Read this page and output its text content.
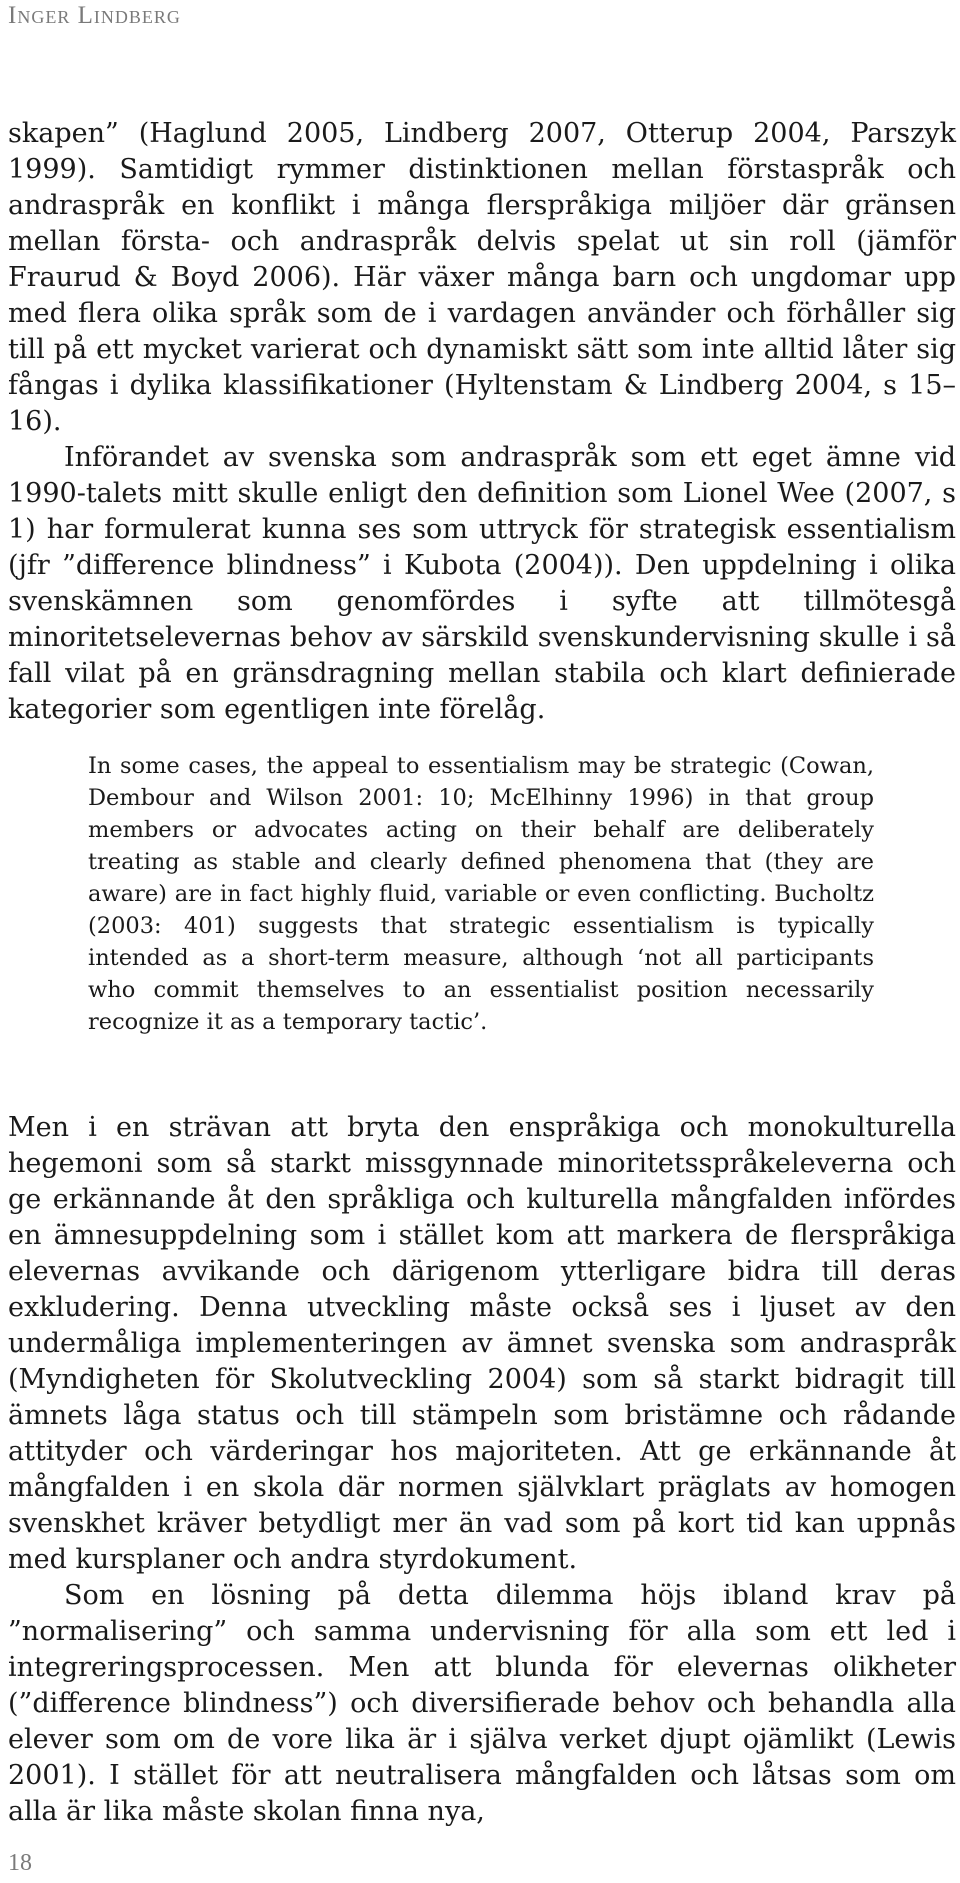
Inger Lindberg

skapen” (Haglund 2005, Lindberg 2007, Otterup 2004, Parszyk 1999). Samtidigt rymmer distinktionen mellan förstaspråk och andraspråk en konflikt i många flerspråkiga miljöer där gränsen mellan första- och andraspråk delvis spelat ut sin roll (jämför Fraurud & Boyd 2006). Här växer många barn och ungdomar upp med flera olika språk som de i vardagen använder och förhåller sig till på ett mycket varierat och dynamiskt sätt som inte alltid låter sig fångas i dylika klassifikationer (Hyltenstam & Lindberg 2004, s 15–16).

Införandet av svenska som andraspråk som ett eget ämne vid 1990-talets mitt skulle enligt den definition som Lionel Wee (2007, s 1) har formulerat kunna ses som uttryck för strategisk essentialism (jfr ”difference blindness” i Kubota (2004)). Den uppdelning i olika svenskämnen som genomfördes i syfte att tillmötesgå minoritetselevernas behov av särskild svenskundervisning skulle i så fall vilat på en gränsdragning mellan stabila och klart definierade kategorier som egentligen inte förelåg.

In some cases, the appeal to essentialism may be strategic (Cowan, Dembour and Wilson 2001: 10; McElhinny 1996) in that group members or advocates acting on their behalf are deliberately treating as stable and clearly defined phenomena that (they are aware) are in fact highly fluid, variable or even conflicting. Bucholtz (2003: 401) suggests that strategic essentialism is typically intended as a short-term measure, although ‘not all participants who commit themselves to an essentialist position necessarily recognize it as a temporary tactic’.

Men i en strävan att bryta den enspråkiga och monokulturella hegemoni som så starkt missgynnade minoritetsspråkeleverna och ge erkännande åt den språkliga och kulturella mångfalden infördes en ämnesuppdelning som i stället kom att markera de flerspråkiga elevernas avvikande och därigenom ytterligare bidra till deras exkludering. Denna utveckling måste också ses i ljuset av den undermåliga implementeringen av ämnet svenska som andraspråk (Myndigheten för Skolutveckling 2004) som så starkt bidragit till ämnets låga status och till stämpeln som bristämne och rådande attityder och värderingar hos majoriteten. Att ge erkännande åt mångfalden i en skola där normen självklart präglats av homogen svenskhet kräver betydligt mer än vad som på kort tid kan uppnås med kursplaner och andra styrdokument.

Som en lösning på detta dilemma höjs ibland krav på ”normalisering” och samma undervisning för alla som ett led i integreringsprocessen. Men att blunda för elevernas olikheter (”difference blindness”) och diversifierade behov och behandla alla elever som om de vore lika är i själva verket djupt ojämlikt (Lewis 2001). I stället för att neutralisera mångfalden och låtsas som om alla är lika måste skolan finna nya,

18
